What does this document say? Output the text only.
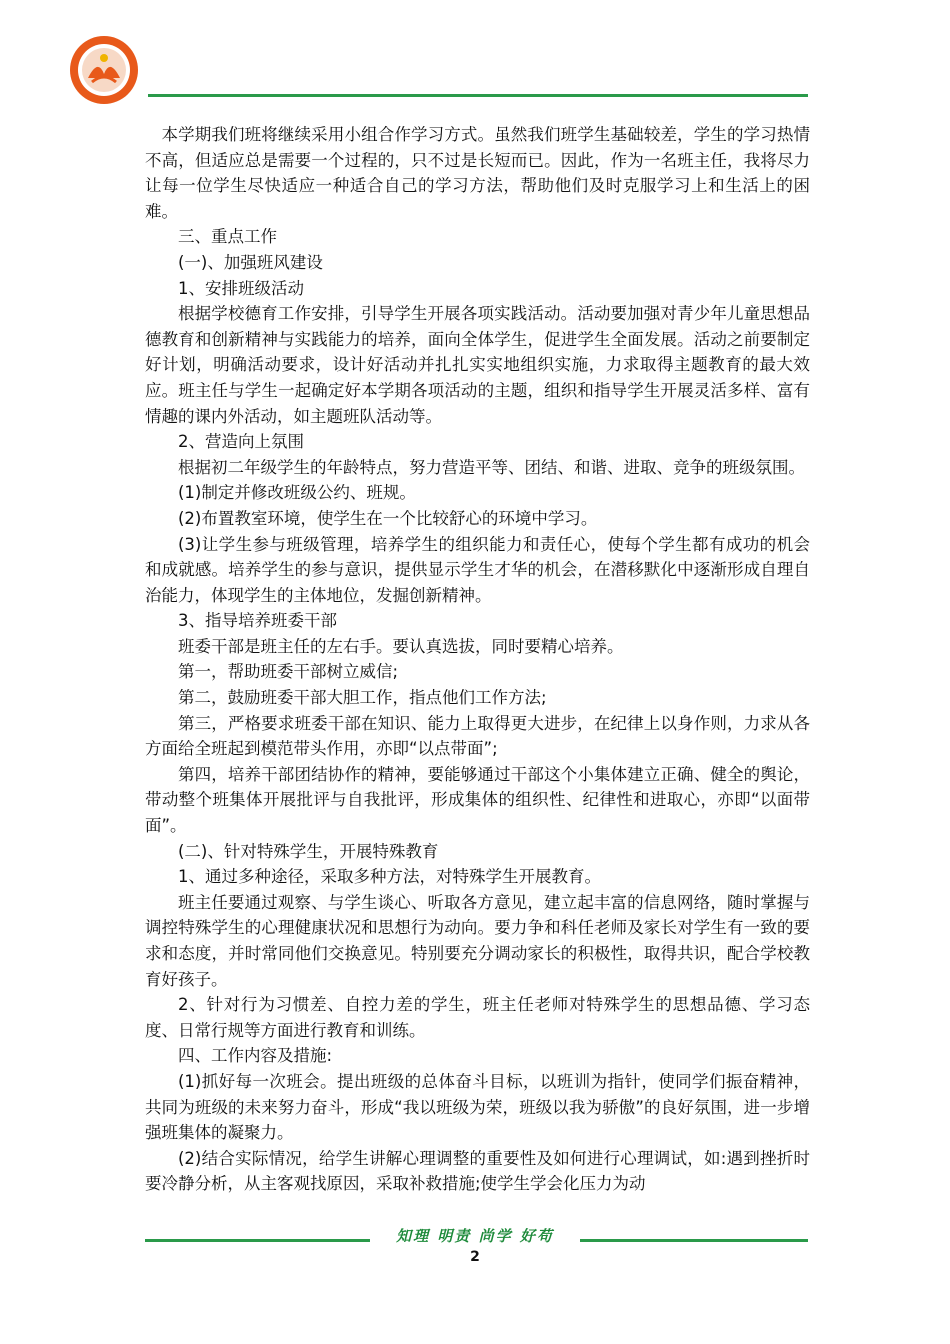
本学期我们班将继续采用小组合作学习方式。虽然我们班学生基础较差，学生的学习热情不高，但适应总是需要一个过程的，只不过是长短而已。因此，作为一名班主任，我将尽力让每一位学生尽快适应一种适合自己的学习方法，帮助他们及时克服学习上和生活上的困难。

三、重点工作

(一)、加强班风建设

1、安排班级活动

根据学校德育工作安排，引导学生开展各项实践活动。活动要加强对青少年儿童思想品德教育和创新精神与实践能力的培养，面向全体学生，促进学生全面发展。活动之前要制定好计划，明确活动要求，设计好活动并扎扎实实地组织实施，力求取得主题教育的最大效应。班主任与学生一起确定好本学期各项活动的主题，组织和指导学生开展灵活多样、富有情趣的课内外活动，如主题班队活动等。

2、营造向上氛围

根据初二年级学生的年龄特点，努力营造平等、团结、和谐、进取、竞争的班级氛围。

(1)制定并修改班级公约、班规。

(2)布置教室环境，使学生在一个比较舒心的环境中学习。

(3)让学生参与班级管理，培养学生的组织能力和责任心，使每个学生都有成功的机会和成就感。培养学生的参与意识，提供显示学生才华的机会，在潜移默化中逐渐形成自理自治能力，体现学生的主体地位，发掘创新精神。

3、指导培养班委干部

班委干部是班主任的左右手。要认真选拔，同时要精心培养。

第一，帮助班委干部树立威信;

第二，鼓励班委干部大胆工作，指点他们工作方法;

第三，严格要求班委干部在知识、能力上取得更大进步，在纪律上以身作则，力求从各方面给全班起到模范带头作用，亦即“以点带面”;

第四，培养干部团结协作的精神，要能够通过干部这个小集体建立正确、健全的舆论，带动整个班集体开展批评与自我批评，形成集体的组织性、纪律性和进取心，亦即“以面带面”。

(二)、针对特殊学生，开展特殊教育

1、通过多种途径，采取多种方法，对特殊学生开展教育。

班主任要通过观察、与学生谈心、听取各方意见，建立起丰富的信息网络，随时掌握与调控特殊学生的心理健康状况和思想行为动向。要力争和科任老师及家长对学生有一致的要求和态度，并时常同他们交换意见。特别要充分调动家长的积极性，取得共识，配合学校教育好孩子。

2、针对行为习惯差、自控力差的学生，班主任老师对特殊学生的思想品德、学习态度、日常行规等方面进行教育和训练。

四、工作内容及措施:

(1)抓好每一次班会。提出班级的总体奋斗目标，以班训为指针，使同学们振奋精神，共同为班级的未来努力奋斗，形成“我以班级为荣，班级以我为骄傲”的良好氛围，进一步增强班集体的凝聚力。

(2)结合实际情况，给学生讲解心理调整的重要性及如何进行心理调试，如:遇到挫折时要冷静分析，从主客观找原因，采取补救措施;使学生学会化压力为动

知理 明责 尚学 好苟
2
